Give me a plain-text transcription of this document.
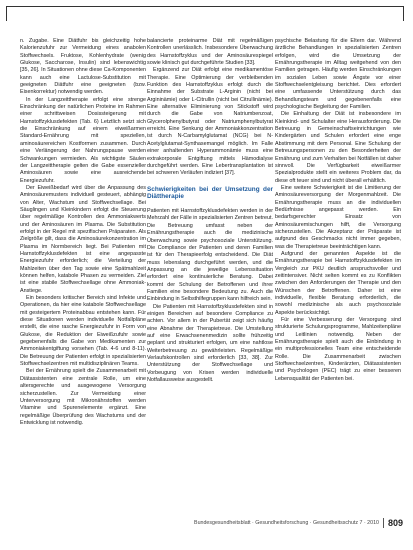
n. Zugabe. Eine Diätfuhr bis gleichzeitig hohe Kalorienzufuhr zur Vermeidung eines anabolen Stoffwechsels. Fruktose, Kohlenhydrate (wenig Glukose, Saccharose, Insulin) sind lebenswichtig [35, 26]. In Situationen ohne diese Ca-Komponenten kann auch eine Lactulose-Substitution mit geeigneten Diätfuhr eine geeigneten (bzw. Eisenkorrektur) notwendig werden.

In der Langzeittherapie erfolgt eine strenge Einschränkung der natürlichen Proteine im Rahmen einer schrittweisen Dosissteigerung mit Harnstoffzyklusdefekten (Tab. 6) Letztlich setzt sich die Einschränkung auf einem eiweißarmen Standard-Ernährung mit speziellen, aminosäurereichen Kostformen zusammen. Durch eine Verlängerung der Nahrungspause werden Schwankungen vermieden. Als wichtigste Säulen der Langzeittherapie gelten die Gabe essenzieller Aminosäuren sowie eine ausreichende Energiezufuhr.

Der Eiweißbedarf wird über die Anpassung des Aminosäuremusters individuell gesteuert, abhängig von Alter, Wachstum und Stoffwechsellage. Bei Säuglingen und Kleinkindern erfolgt die Steuerung über regelmäßige Kontrollen des Ammoniakwerts und der Aminosäuren im Plasma. Die Substitution erfolgt in der Regel mit spezifischen Präparaten. Als Zielgröße gilt, dass die Aminosäurekonzentration im Plasma im Normbereich liegt. Bei Patienten mit Harnstoffzyklusdefekten ist eine angepasste Energiezufuhr erforderlich; die Verteilung der Mahlzeiten über den Tag sowie eine Spätmahlzeit können helfen, katabole Phasen zu vermeiden. Ziel ist eine stabile Stoffwechsellage ohne Ammoniak-Anstiege.

Ein besonders kritischer Bereich sind Infekte und Operationen, da hier eine katabole Stoffwechsellage mit gesteigertem Proteinabbau entstehen kann. Für diese Situationen werden individuelle Notfallpläne erstellt, die eine rasche Energiezufuhr in Form von Glukose, die Reduktion der Eiweißzufuhr sowie gegebenenfalls die Gabe von Medikamenten zur Ammoniakentgiftung vorsehen (Tab. 4-6 und 8-11). Die Betreuung der Patienten erfolgt in spezialisierten Stoffwechselzentren mit multidisziplinären Teams.

Bei der Ernährung spielt die Zusammenarbeit mit Diätassistenten eine zentrale Rolle, um eine altersgerechte und ausgewogene Versorgung sicherzustellen. Zur Vermeidung einer Unterversorgung mit Mikronährstoffen werden Vitamine und Spurenelemente ergänzt. Eine regelmäßige Überprüfung des Wachstums und der Entwicklung ist notwendig.

balancierte proteinarme Diät mit regelmäßigen Kontrollen unerlässlich. Insbesondere Überwachung des Harnstoffzyklus und der Aminosäurespiegel sowie klinisch gut durchgeführte Studien [33].

Ergänzend zur Diät erfolgt eine medikamentöse Therapie. Eine Optimierung der verbleibenden Funktion des Harnstoffzyklus erfolgt durch die Einnahme der Substrate L-Arginin (nicht bei Argininämie) oder L-Citrullin (nicht bei Citrullinämie). Eine alternative Eliminierung von Stickstoff wird durch die Gabe von Natriumbenzoat, Glycerolphenylbutyrat oder Natriumphenylbutyrat erreicht. Eine Senkung der Ammoniakkonzentration ist durch N-Carbamylglutamat (NCG) bei N-Acetylglutamat-Synthasemangel möglich. Im Falle einer anhaltenden Hyperammonämie muss eine extrakorporale Entgiftung mittels Hämodialyse durchgeführt werden. Eine Lebertransplantation ist bei schweren Verläufen indiziert [37].

Schwierigkeiten bei der Umsetzung der Diättherapie

Patienten mit Harnstoffzyklusdefekten werden in der Mehrzahl der Fälle in spezialisierten Zentren betreut. Die Betreuung umfasst neben der Ernährungstherapie auch die medizinische Überwachung sowie psychosoziale Unterstützung. Die Compliance der Patienten und deren Familien ist für den Therapieerfolg entscheidend. Die Diät muss lebenslang durchgeführt werden, und die Anpassung an die jeweilige Lebenssituation erfordert eine kontinuierliche Beratung. Dabei kommt der Schulung der Betroffenen und ihrer Familien eine besondere Bedeutung zu. Auch die Einbindung in Selbsthilfegruppen kann hilfreich sein.

Die Patienten mit Harnstoffzyklusdefekten sind in einigen Bereichen auf besondere Compliance zu achten. Vor allem in der Pubertät zeigt sich häufig eine Abnahme der Therapietreue. Die Umstellung auf eine Erwachsenenmedizin sollte frühzeitig geplant und strukturiert erfolgen, um eine nahtlose Weiterbetreuung zu gewährleisten. Regelmäßige Verlaufskontrollen sind erforderlich [33, 38]. Zur Unterstützung der Stoffwechsellage und Vorbeugung von Krisen werden individuelle Notfallausweise ausgestellt.

psychische Belastung für die Eltern dar. Während ärztliche Behandlungen in spezialisierten Zentren erfolgen, wird die Umsetzung der Ernährungstherapie im Alltag weitgehend von den Familien getragen. Häufig werden Einschränkungen im sozialen Leben sowie Ängste vor einer Stoffwechselentgleisung berichtet. Dies erfordert eine umfassende Unterstützung durch das Behandlungsteam und gegebenenfalls eine psychologische Begleitung der Familien.

Die Einhaltung der Diät ist insbesondere im Kleinkind- und Schulalter eine Herausforderung. Die Betreuung in Gemeinschaftseinrichtungen wie Kindergärten und Schulen erfordert eine enge Abstimmung mit dem Personal. Eine Schulung der Betreuungspersonen zu den Besonderheiten der Ernährung und zum Verhalten bei Notfällen ist daher sinnvoll. Die Verfügbarkeit eiweißarmer Spezialprodukte stellt ein weiteres Problem dar, da diese oft teuer sind und nicht überall erhältlich.

Eine weitere Schwierigkeit ist die Limitierung der Aminosäureversorgung der Morgenmahlzeit. Die Ernährungstherapie muss an die individuellen Bedürfnisse angepasst werden. Ein bedarfsgerechter Einsatz von Aminosäuremischungen hilft, die Versorgung sicherzustellen. Die Akzeptanz der Präparate ist aufgrund des Geschmacks nicht immer gegeben, was die Therapietreue beeinträchtigen kann.

Aufgrund der genannten Aspekte ist die Ernährungstherapie bei Harnstoffzyklusdefekten im Vergleich zur PKU deutlich anspruchsvoller und zeitintensiver. Nicht selten kommt es zu Konflikten zwischen den Anforderungen der Therapie und den Wünschen der Betroffenen. Daher ist eine individuelle, flexible Beratung erforderlich, die sowohl medizinische als auch psychosoziale Aspekte berücksichtigt.

Für eine Verbesserung der Versorgung sind strukturierte Schulungsprogramme, Mahlzeitenpläne und Leitlinien notwendig. Neben der Ernährungstherapie spielt auch die Einbindung in ein multiprofessionelles Team eine entscheidende Rolle. Die Zusammenarbeit zwischen Stoffwechselzentren, Kinderärzten, Diätassistenten und Psychologen (PEC) trägt zu einer besseren Lebensqualität der Patienten bei.

Bundesgesundheitsblatt · Gesundheitsforschung · Gesundheitsschutz 7 · 2010 809
